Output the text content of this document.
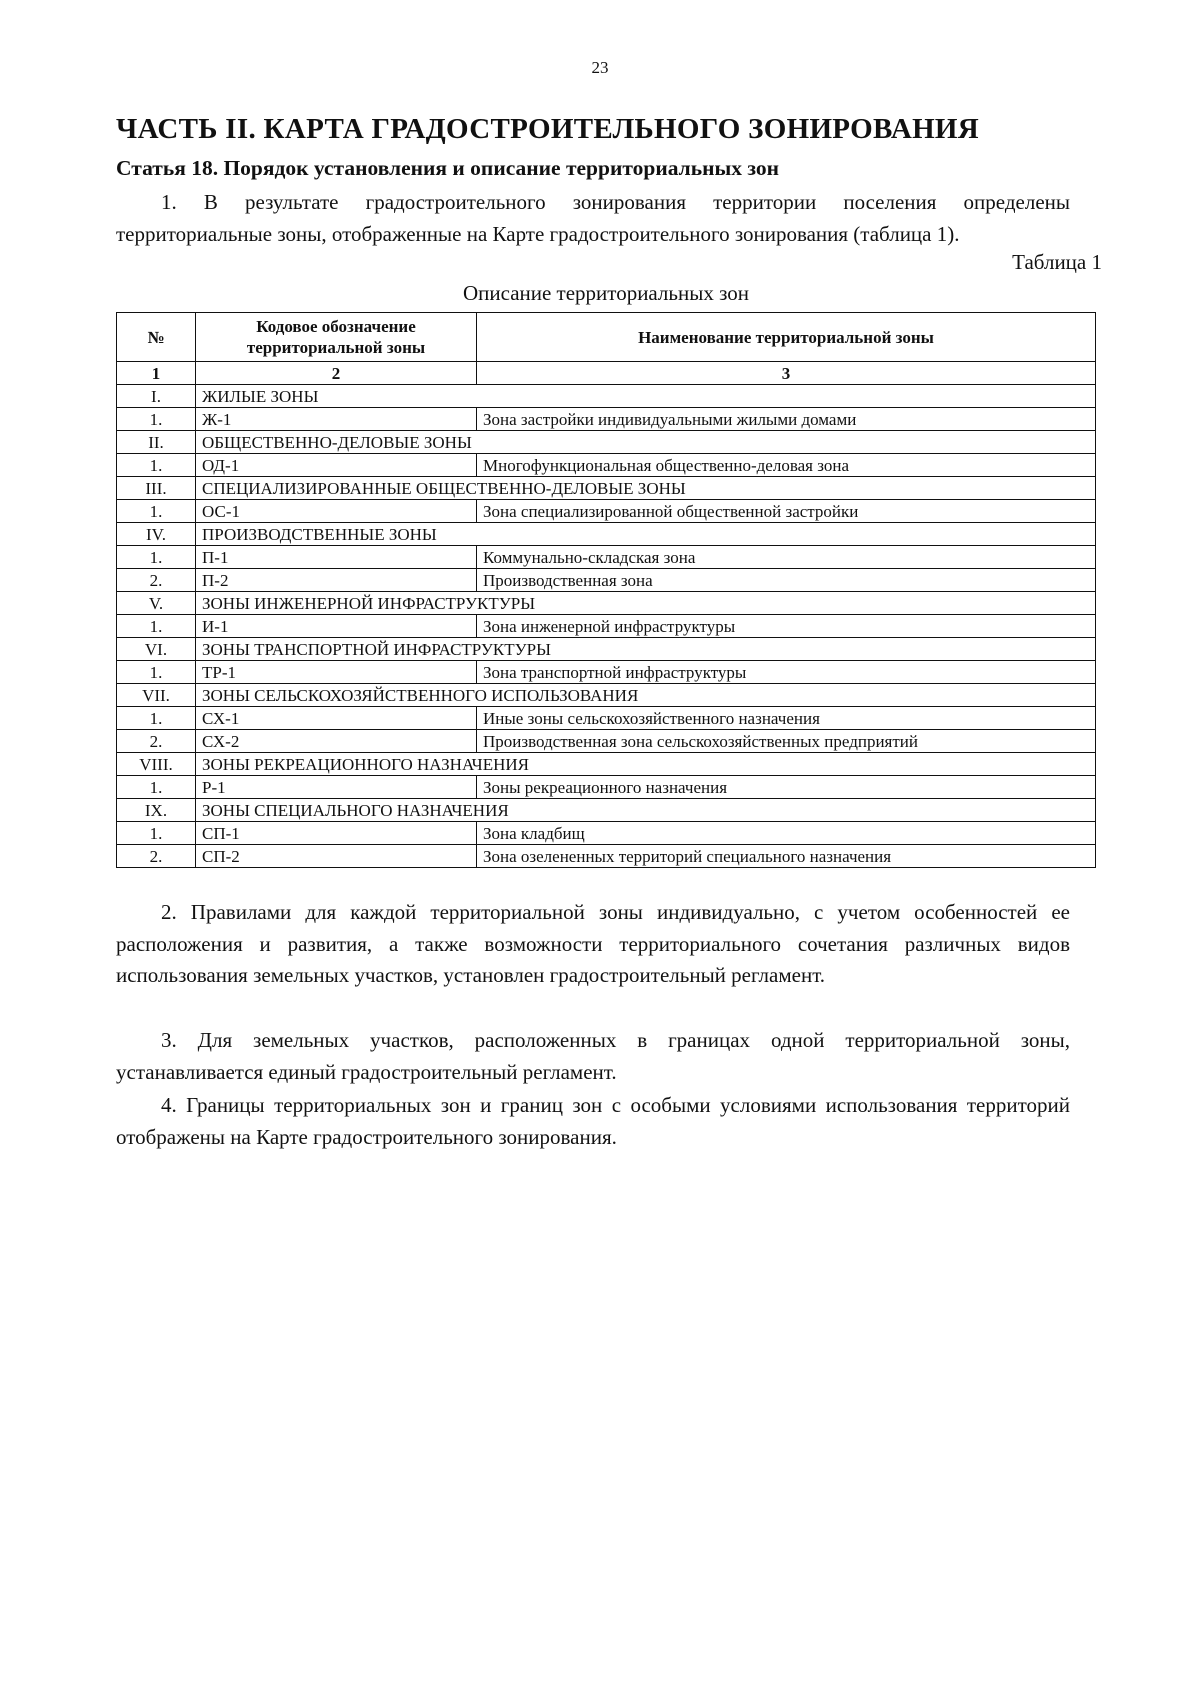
23
ЧАСТЬ II. КАРТА ГРАДОСТРОИТЕЛЬНОГО ЗОНИРОВАНИЯ
Статья 18. Порядок установления и описание территориальных зон
1. В результате градостроительного зонирования территории поселения определены территориальные зоны, отображенные на Карте градостроительного зонирования (таблица 1).
Таблица 1
Описание территориальных зон
№	Кодовое обозначение территориальной зоны	Наименование территориальной зоны
1	2	3
I.	ЖИЛЫЕ ЗОНЫ	
1.	Ж-1	Зона застройки индивидуальными жилыми домами
II.	ОБЩЕСТВЕННО-ДЕЛОВЫЕ ЗОНЫ	
1.	ОД-1	Многофункциональная общественно-деловая зона
III.	СПЕЦИАЛИЗИРОВАННЫЕ ОБЩЕСТВЕННО-ДЕЛОВЫЕ ЗОНЫ	
1.	ОС-1	Зона специализированной общественной застройки
IV.	ПРОИЗВОДСТВЕННЫЕ ЗОНЫ	
1.	П-1	Коммунально-складская зона
2.	П-2	Производственная зона
V.	ЗОНЫ ИНЖЕНЕРНОЙ ИНФРАСТРУКТУРЫ	
1.	И-1	Зона инженерной инфраструктуры
VI.	ЗОНЫ ТРАНСПОРТНОЙ ИНФРАСТРУКТУРЫ	
1.	ТР-1	Зона транспортной инфраструктуры
VII.	ЗОНЫ СЕЛЬСКОХОЗЯЙСТВЕННОГО ИСПОЛЬЗОВАНИЯ	
1.	СХ-1	Иные зоны сельскохозяйственного назначения
2.	СХ-2	Производственная зона сельскохозяйственных предприятий
VIII.	ЗОНЫ РЕКРЕАЦИОННОГО НАЗНАЧЕНИЯ	
1.	Р-1	Зоны рекреационного назначения
IX.	ЗОНЫ СПЕЦИАЛЬНОГО НАЗНАЧЕНИЯ	
1.	СП-1	Зона кладбищ
2.	СП-2	Зона озелененных территорий специального назначения
2. Правилами для каждой территориальной зоны индивидуально, с учетом особенностей ее расположения и развития, а также возможности территориального сочетания различных видов использования земельных участков, установлен градостроительный регламент.
3. Для земельных участков, расположенных в границах одной территориальной зоны, устанавливается единый градостроительный регламент.
4. Границы территориальных зон и границ зон с особыми условиями использования территорий отображены на Карте градостроительного зонирования.
